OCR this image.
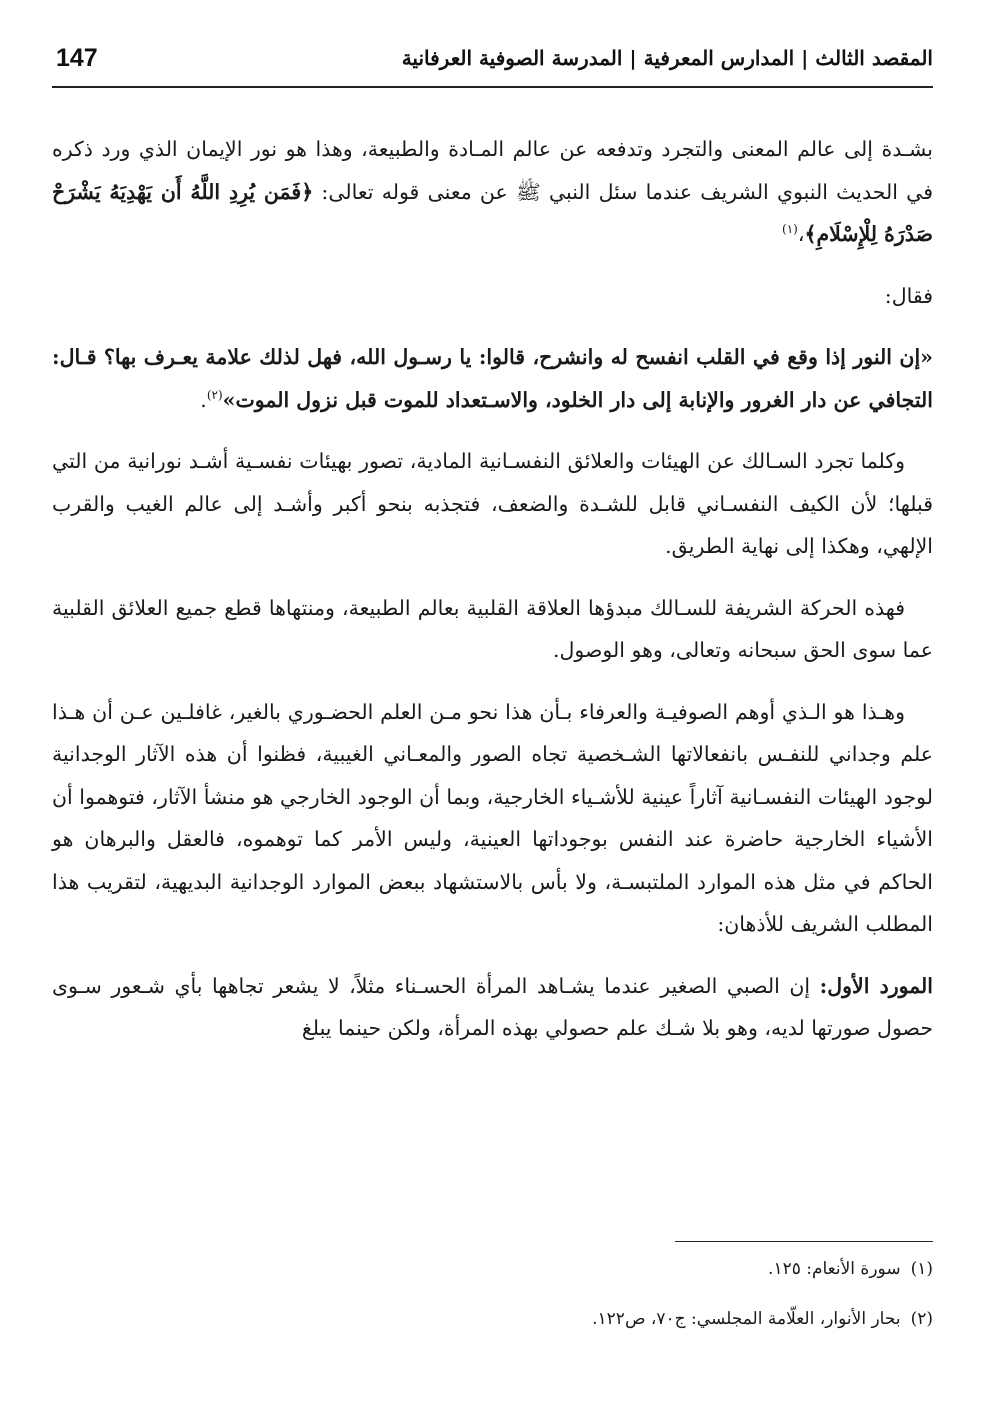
147	المقصد الثالث | المدارس المعرفية | المدرسة الصوفية العرفانية

بشـدة إلى عالم المعنى والتجرد وتدفعه عن عالم المـادة والطبيعة، وهذا هو نور الإيمان الذي ورد ذكره في الحديث النبوي الشريف عندما سئل النبي ﷺ عن معنى قوله تعالى: ﴿فَمَن يُرِدِ اللَّهُ أَن يَهْدِيَهُ يَشْرَحْ صَدْرَهُ لِلْإِسْلَامِ﴾،$^{(١)}$

فقال:

«إن النور إذا وقع في القلب انفسح له وانشرح، قالوا: يا رسـول الله، فهل لذلك علامة يعـرف بها؟ قـال: التجافي عن دار الغرور والإنابة إلى دار الخلود، والاسـتعداد للموت قبل نزول الموت»$^{(٢)}$.

وكلما تجرد السـالك عن الهيئات والعلائق النفسـانية المادية، تصور بهيئات نفسـية أشـد نورانية من التي قبلها؛ لأن الكيف النفسـاني قابل للشـدة والضعف، فتجذبه بنحو أكبر وأشـد إلى عالم الغيب والقرب الإلهي، وهكذا إلى نهاية الطريق.

فهذه الحركة الشريفة للسـالك مبدؤها العلاقة القلبية بعالم الطبيعة، ومنتهاها قطع جميع العلائق القلبية عما سوى الحق سبحانه وتعالى، وهو الوصول.

وهـذا هو الـذي أوهم الصوفيـة والعرفاء بـأن هذا نحو مـن العلم الحضـوري بالغير، غافلـين عـن أن هـذا علم وجداني للنفـس بانفعالاتها الشـخصية تجاه الصور والمعـاني الغيبية، فظنوا أن هذه الآثار الوجدانية لوجود الهيئات النفسـانية آثاراً عينية للأشـياء الخارجية، وبما أن الوجود الخارجي هو منشأ الآثار، فتوهموا أن الأشياء الخارجية حاضرة عند النفس بوجوداتها العينية، وليس الأمر كما توهموه، فالعقل والبرهان هو الحاكم في مثل هذه الموارد الملتبسـة، ولا بأس بالاستشهاد ببعض الموارد الوجدانية البديهية، لتقريب هذا المطلب الشريف للأذهان:

المورد الأول: إن الصبي الصغير عندما يشـاهد المرأة الحسـناء مثلاً، لا يشعر تجاهها بأي شـعور سـوى حصول صورتها لديه، وهو بلا شـك علم حصولي بهذه المرأة، ولكن حينما يبلغ

(١)سورة الأنعام: ١٢٥.
(٢)بحار الأنوار، العلّامة المجلسي: ج٧٠، ص١٢٢.
